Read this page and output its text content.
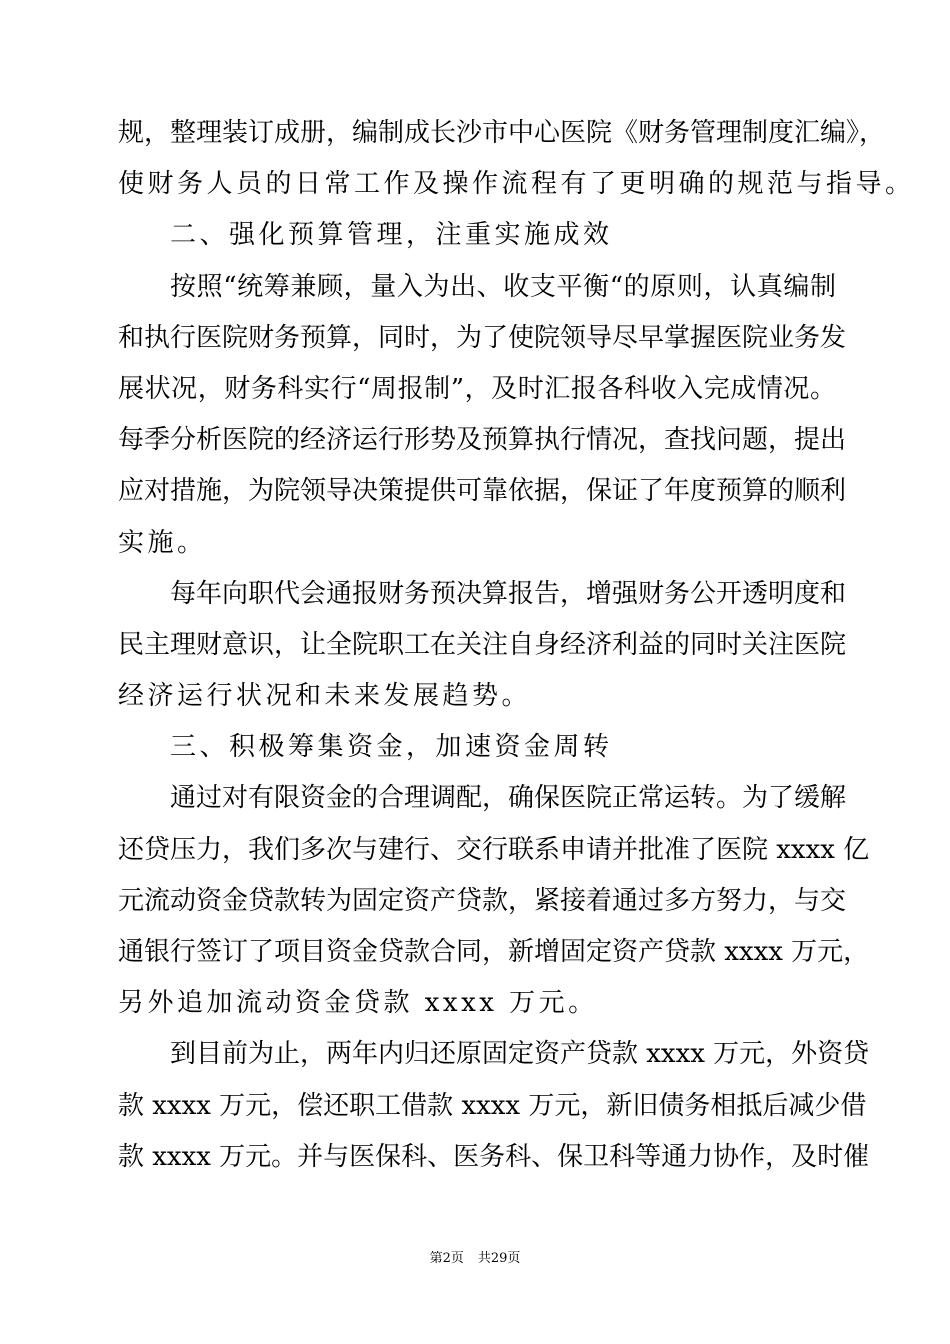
规，整理装订成册，编制成长沙市中心医院《财务管理制度汇编》，
使财务人员的日常工作及操作流程有了更明确的规范与指导。
二、强化预算管理，注重实施成效
按照“统筹兼顾，量入为出、收支平衡“的原则，认真编制
和执行医院财务预算，同时，为了使院领导尽早掌握医院业务发
展状况，财务科实行“周报制”，及时汇报各科收入完成情况。
每季分析医院的经济运行形势及预算执行情况，查找问题，提出
应对措施，为院领导决策提供可靠依据，保证了年度预算的顺利
实施。
每年向职代会通报财务预决算报告，增强财务公开透明度和
民主理财意识，让全院职工在关注自身经济利益的同时关注医院
经济运行状况和未来发展趋势。
三、积极筹集资金，加速资金周转
通过对有限资金的合理调配，确保医院正常运转。为了缓解
还贷压力，我们多次与建行、交行联系申请并批准了医院 xxxx 亿
元流动资金贷款转为固定资产贷款，紧接着通过多方努力，与交
通银行签订了项目资金贷款合同，新增固定资产贷款 xxxx 万元，
另外追加流动资金贷款 xxxx 万元。
到目前为止，两年内归还原固定资产贷款 xxxx 万元，外资贷
款 xxxx 万元，偿还职工借款 xxxx 万元，新旧债务相抵后减少借
款 xxxx 万元。并与医保科、医务科、保卫科等通力协作，及时催
第2页 共29页
